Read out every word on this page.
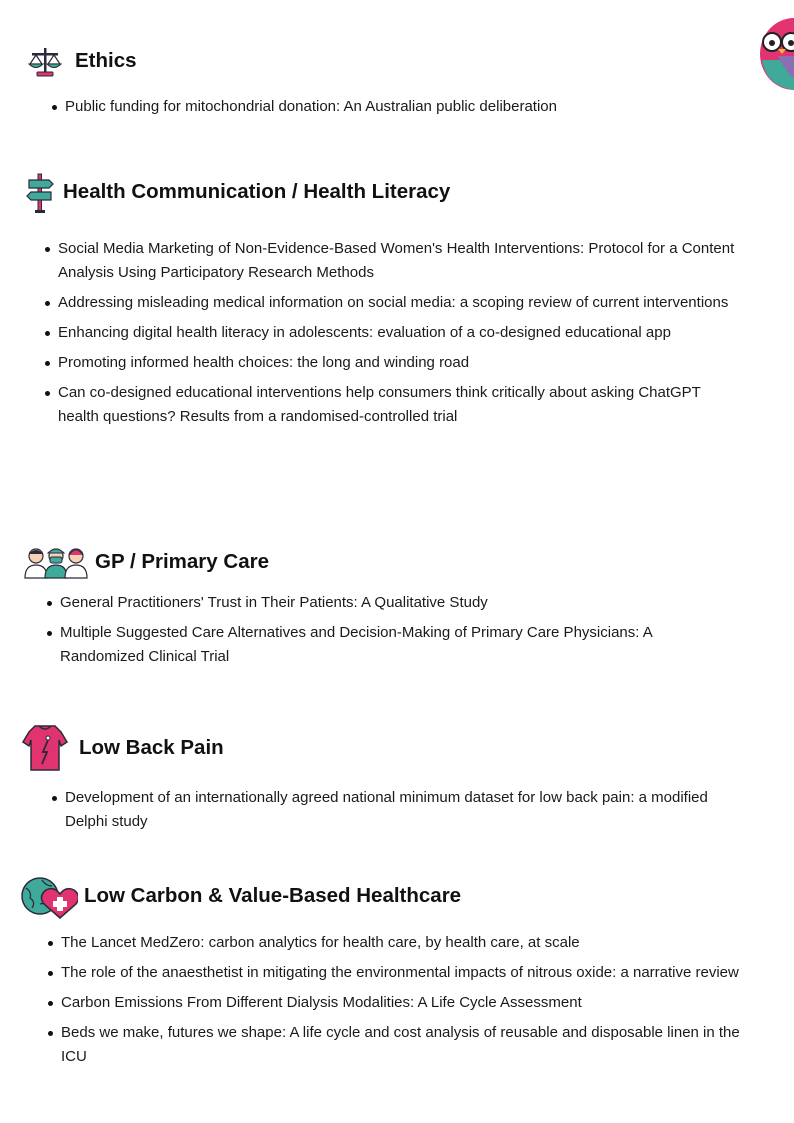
Ethics
Public funding for mitochondrial donation: An Australian public deliberation
Health Communication / Health Literacy
Social Media Marketing of Non-Evidence-Based Women's Health Interventions: Protocol for a Content Analysis Using Participatory Research Methods
Addressing misleading medical information on social media: a scoping review of current interventions
Enhancing digital health literacy in adolescents: evaluation of a co-designed educational app
Promoting informed health choices: the long and winding road
Can co-designed educational interventions help consumers think critically about asking ChatGPT health questions? Results from a randomised-controlled trial
GP / Primary Care
General Practitioners' Trust in Their Patients: A Qualitative Study
Multiple Suggested Care Alternatives and Decision-Making of Primary Care Physicians: A Randomized Clinical Trial
Low Back Pain
Development of an internationally agreed national minimum dataset for low back pain: a modified Delphi study
Low Carbon & Value-Based Healthcare
The Lancet MedZero: carbon analytics for health care, by health care, at scale
The role of the anaesthetist in mitigating the environmental impacts of nitrous oxide: a narrative review
Carbon Emissions From Different Dialysis Modalities: A Life Cycle Assessment
Beds we make, futures we shape: A life cycle and cost analysis of reusable and disposable linen in the ICU
